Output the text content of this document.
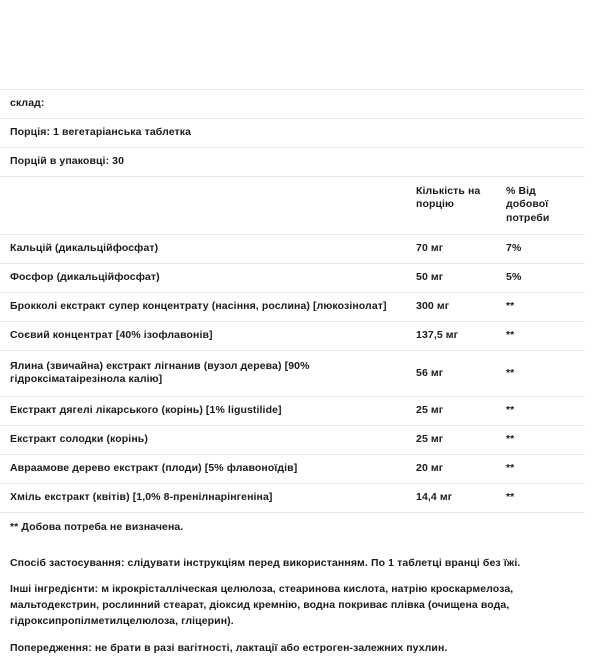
склад:		
Порція: 1 вегетаріанська таблетка		
Порцій в упаковці: 30		
	Кількість на порцію	% Від добової потреби
Кальцій (дикальційфосфат)	70 мг	7%
Фосфор (дикальційфосфат)	50 мг	5%
Брокколі екстракт супер концентрату (насіння, рослина) [люкозінолат]	300 мг	**
Соєвий концентрат [40% ізофлавонів]	137,5 мг	**
Ялина (звичайна) екстракт лігнанив (вузол дерева) [90% гідроксіматаірезінола калію]	56 мг	**
Екстракт дягелі лікарського (корінь) [1% ligustilide]	25 мг	**
Екстракт солодки (корінь)	25 мг	**
Авраамове дерево екстракт (плоди) [5% флавоноїдів]	20 мг	**
Хміль екстракт (квітів) [1,0% 8-пренілнарінгеніна]	14,4 мг	**
** Добова потреба не визначена.		

Спосіб застосування: слідувати інструкціям перед використанням. По 1 таблетці вранці без їжі.

Інші інгредієнти: м ікрокрісталліческая целюлоза, стеаринова кислота, натрію кроскармелоза, мальтодекстрин, рослинний стеарат, діоксид кремнію, водна покриває плівка (очищена вода, гідроксипропілметилцелюлоза, гліцерин).

Попередження: не брати в разі вагітності, лактації або естроген-залежних пухлин.
